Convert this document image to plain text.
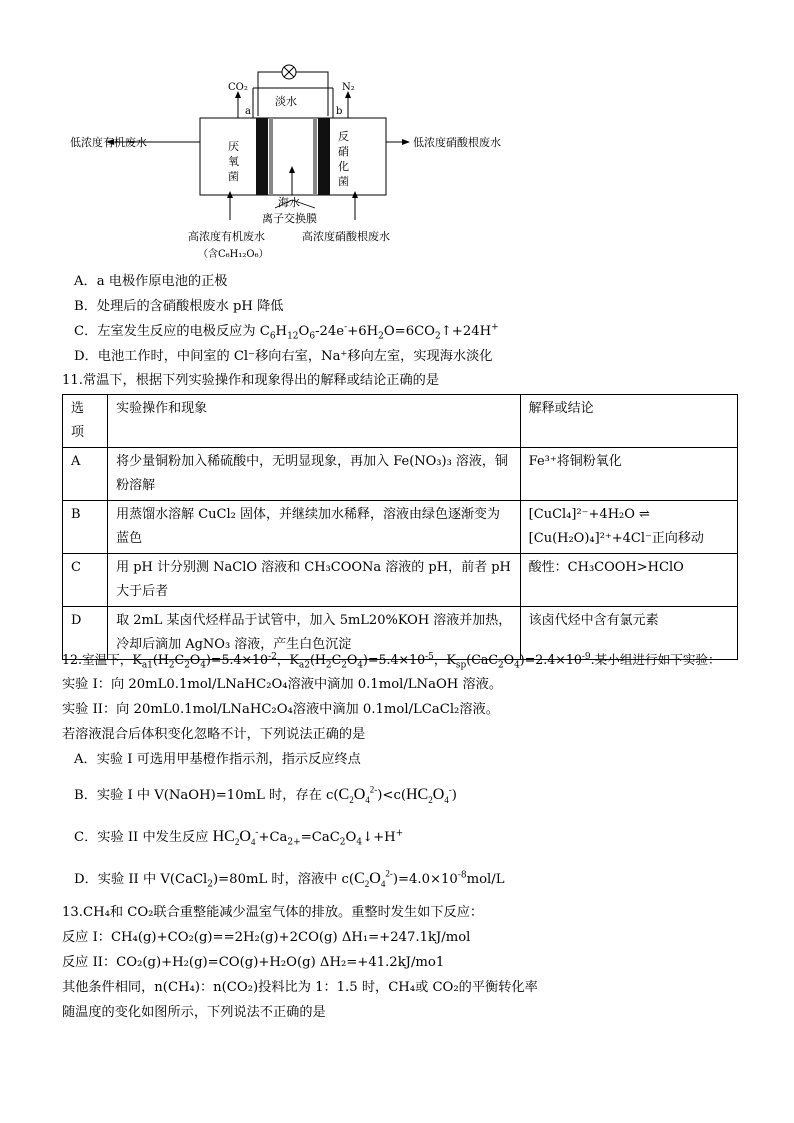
CO₂	N₂
a	b
淡水
低浓度有机废水	低浓度硝酸根废水
厌
氧
菌
反
硝
化
菌
海水
离子交换膜
高浓度有机废水	高浓度硝酸根废水
（含C₆H₁₂O₆）
A．a 电极作原电池的正极
B．处理后的含硝酸根废水 pH 降低
C．左室发生反应的电极反应为 $C_6H_{12}O_6-24e^-+6H_2O=6CO_2↑+24H^+$
D．电池工作时，中间室的 Cl⁻移向右室，Na⁺移向左室，实现海水淡化
11.常温下，根据下列实验操作和现象得出的解释或结论正确的是
选
项	实验操作和现象	解释或结论
A	将少量铜粉加入稀硫酸中，无明显现象，再加入 Fe(NO₃)₃ 溶液，铜粉溶解	Fe³⁺将铜粉氧化
B	用蒸馏水溶解 CuCl₂ 固体，并继续加水稀释，溶液由绿色逐渐变为蓝色	[CuCl₄]²⁻+4H₂O ⇌ [Cu(H₂O)₄]²⁺+4Cl⁻正向移动
C	用 pH 计分别测 NaClO 溶液和 CH₃COONa 溶液的 pH，前者 pH 大于后者	酸性：CH₃COOH>HClO
D	取 2mL 某卤代烃样品于试管中，加入 5mL20%KOH 溶液并加热，冷却后滴加 AgNO₃ 溶液，产生白色沉淀	该卤代烃中含有氯元素
12.室温下，$K_{a1}(H_2C_2O_4)=5.4\times 10^{-2}$，$K_{a2}(H_2C_2O_4)=5.4\times 10^{-5}$，$K_{sp}(CaC_2O_4)=2.4\times 10^{-9}$.某小组进行如下实验：
实验 I：向 20mL0.1mol/LNaHC₂O₄溶液中滴加 0.1mol/LNaOH 溶液。
实验 II：向 20mL0.1mol/LNaHC₂O₄溶液中滴加 0.1mol/LCaCl₂溶液。
若溶液混合后体积变化忽略不计，下列说法正确的是
A．实验 I 可选用甲基橙作指示剂，指示反应终点
B．实验 I 中 V(NaOH)=10mL 时，存在 $c(C_2O_4^{2-})<c(HC_2O_4^-)$
C．实验 II 中发生反应 $HC_2O_4^-+Ca_{2+}=CaC_2O_4↓+H^+$
D．实验 II 中 V(CaCl$_2$)=80mL 时，溶液中 $c(C_2O_4^{2-})=4.0\times 10^{-8}mol/L$
13.CH₄和 CO₂联合重整能减少温室气体的排放。重整时发生如下反应：
反应 I：CH₄(g)+CO₂(g)==2H₂(g)+2CO(g) ΔH₁=+247.1kJ/mol
反应 II：CO₂(g)+H₂(g)=CO(g)+H₂O(g) ΔH₂=+41.2kJ/mo1
其他条件相同，n(CH₄)：n(CO₂)投料比为 1：1.5 时，CH₄或 CO₂的平衡转化率
随温度的变化如图所示，下列说法不正确的是
